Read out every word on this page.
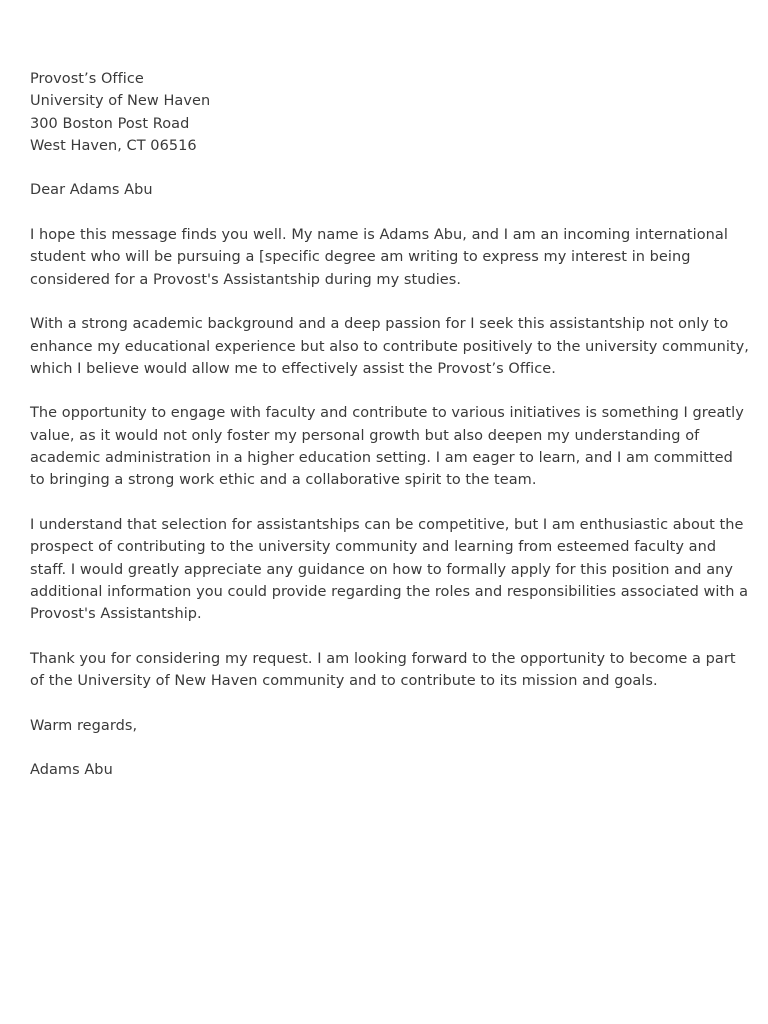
Provost’s Office
University of New Haven
300 Boston Post Road
West Haven, CT 06516

Dear Adams Abu

I hope this message finds you well. My name is Adams Abu, and I am an incoming international student who will be pursuing a [specific degree am writing to express my interest in being considered for a Provost's Assistantship during my studies.

With a strong academic background and a deep passion for I seek this assistantship not only to enhance my educational experience but also to contribute positively to the university community, which I believe would allow me to effectively assist the Provost’s Office.

The opportunity to engage with faculty and contribute to various initiatives is something I greatly value, as it would not only foster my personal growth but also deepen my understanding of academic administration in a higher education setting. I am eager to learn, and I am committed to bringing a strong work ethic and a collaborative spirit to the team.

I understand that selection for assistantships can be competitive, but I am enthusiastic about the prospect of contributing to the university community and learning from esteemed faculty and staff. I would greatly appreciate any guidance on how to formally apply for this position and any additional information you could provide regarding the roles and responsibilities associated with a Provost's Assistantship.

Thank you for considering my request. I am looking forward to the opportunity to become a part of the University of New Haven community and to contribute to its mission and goals.

Warm regards,

Adams Abu
